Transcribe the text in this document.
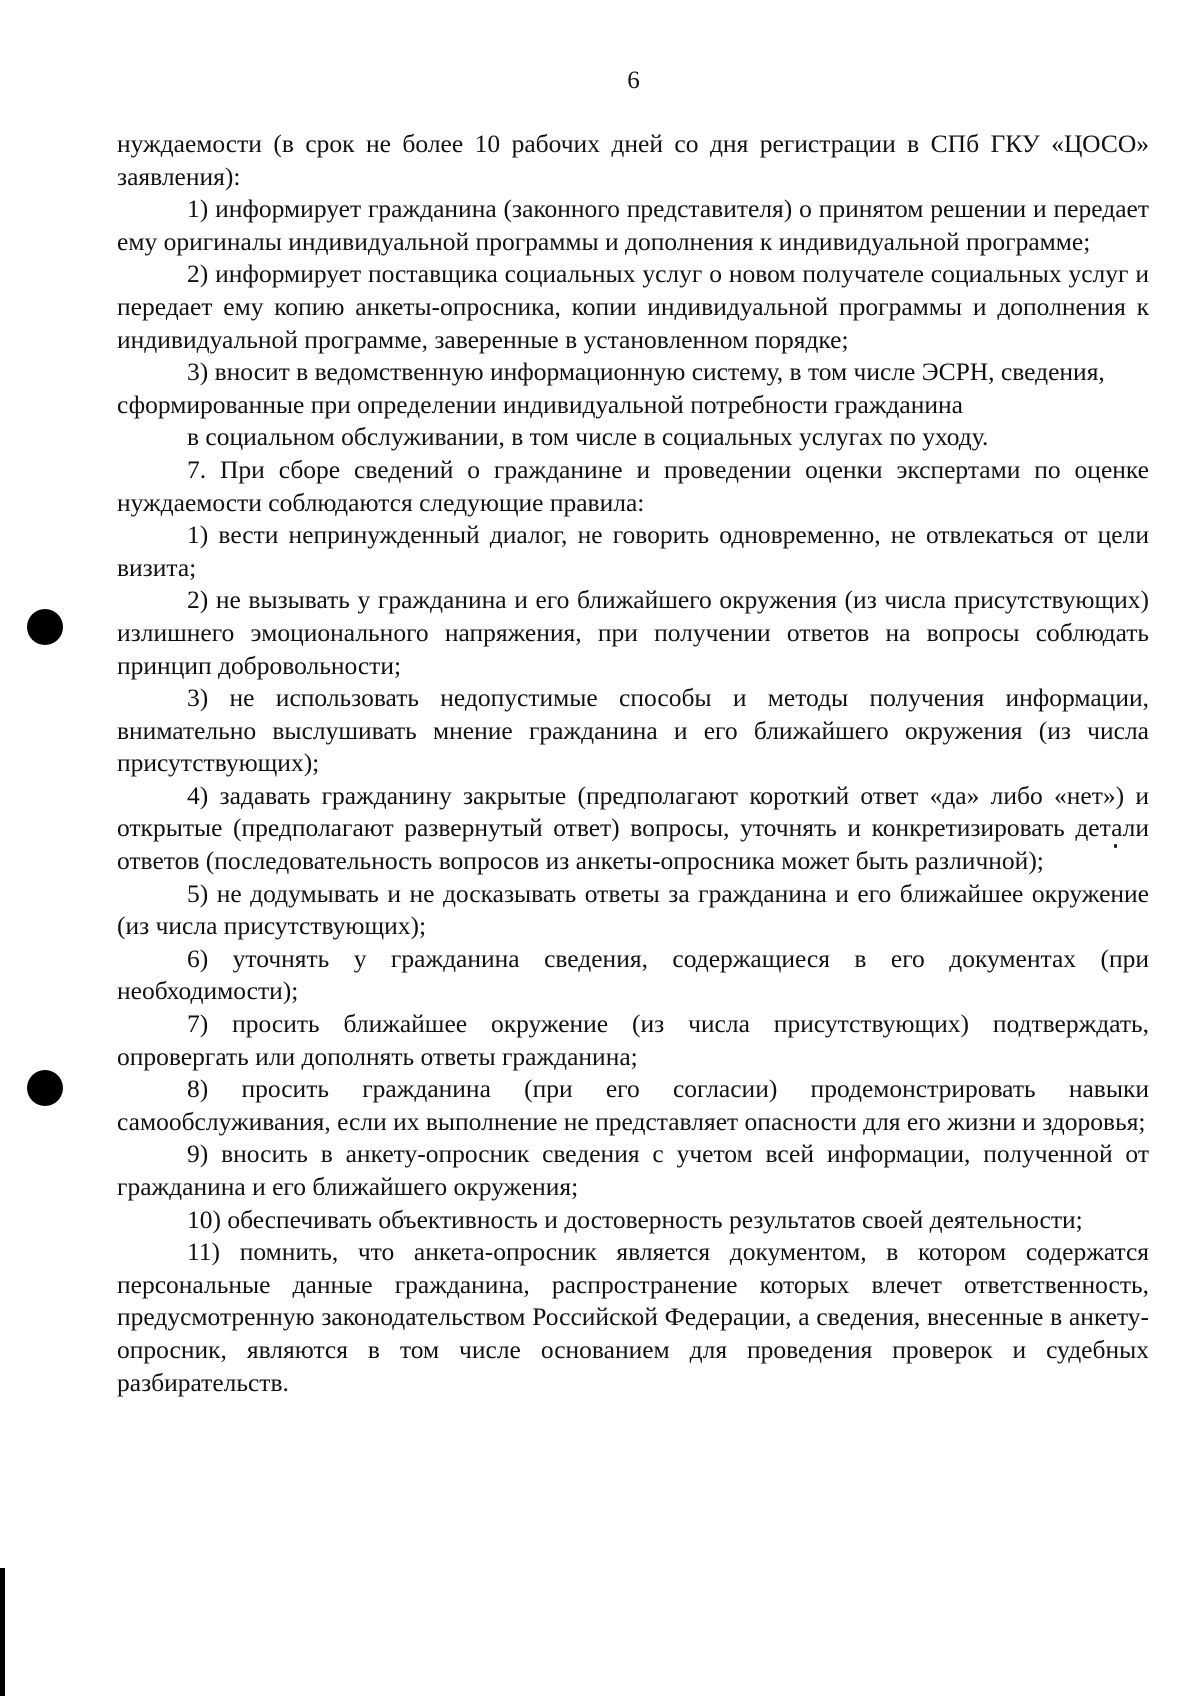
6

нуждаемости (в срок не более 10 рабочих дней со дня регистрации в СПб ГКУ «ЦОСО» заявления):

1) информирует гражданина (законного представителя) о принятом решении и передает ему оригиналы индивидуальной программы и дополнения к индивидуальной программе;

2) информирует поставщика социальных услуг о новом получателе социальных услуг и передает ему копию анкеты-опросника, копии индивидуальной программы и дополнения к индивидуальной программе, заверенные в установленном порядке;

3) вносит в ведомственную информационную систему, в том числе ЭСРН, сведения, сформированные при определении индивидуальной потребности гражданина

в социальном обслуживании, в том числе в социальных услугах по уходу.

7. При сборе сведений о гражданине и проведении оценки экспертами по оценке нуждаемости соблюдаются следующие правила:

1) вести непринужденный диалог, не говорить одновременно, не отвлекаться от цели визита;

2) не вызывать у гражданина и его ближайшего окружения (из числа присутствующих) излишнего эмоционального напряжения, при получении ответов на вопросы соблюдать принцип добровольности;

3) не использовать недопустимые способы и методы получения информации, внимательно выслушивать мнение гражданина и его ближайшего окружения (из числа присутствующих);

4) задавать гражданину закрытые (предполагают короткий ответ «да» либо «нет») и открытые (предполагают развернутый ответ) вопросы, уточнять и конкретизировать детали ответов (последовательность вопросов из анкеты-опросника может быть различной);

5) не додумывать и не досказывать ответы за гражданина и его ближайшее окружение (из числа присутствующих);

6) уточнять у гражданина сведения, содержащиеся в его документах (при необходимости);

7) просить ближайшее окружение (из числа присутствующих) подтверждать, опровергать или дополнять ответы гражданина;

8) просить гражданина (при его согласии) продемонстрировать навыки самообслуживания, если их выполнение не представляет опасности для его жизни и здоровья;

9) вносить в анкету-опросник сведения с учетом всей информации, полученной от гражданина и его ближайшего окружения;

10) обеспечивать объективность и достоверность результатов своей деятельности;

11) помнить, что анкета-опросник является документом, в котором содержатся персональные данные гражданина, распространение которых влечет ответственность, предусмотренную законодательством Российской Федерации, а сведения, внесенные в анкету-опросник, являются в том числе основанием для проведения проверок и судебных разбирательств.
